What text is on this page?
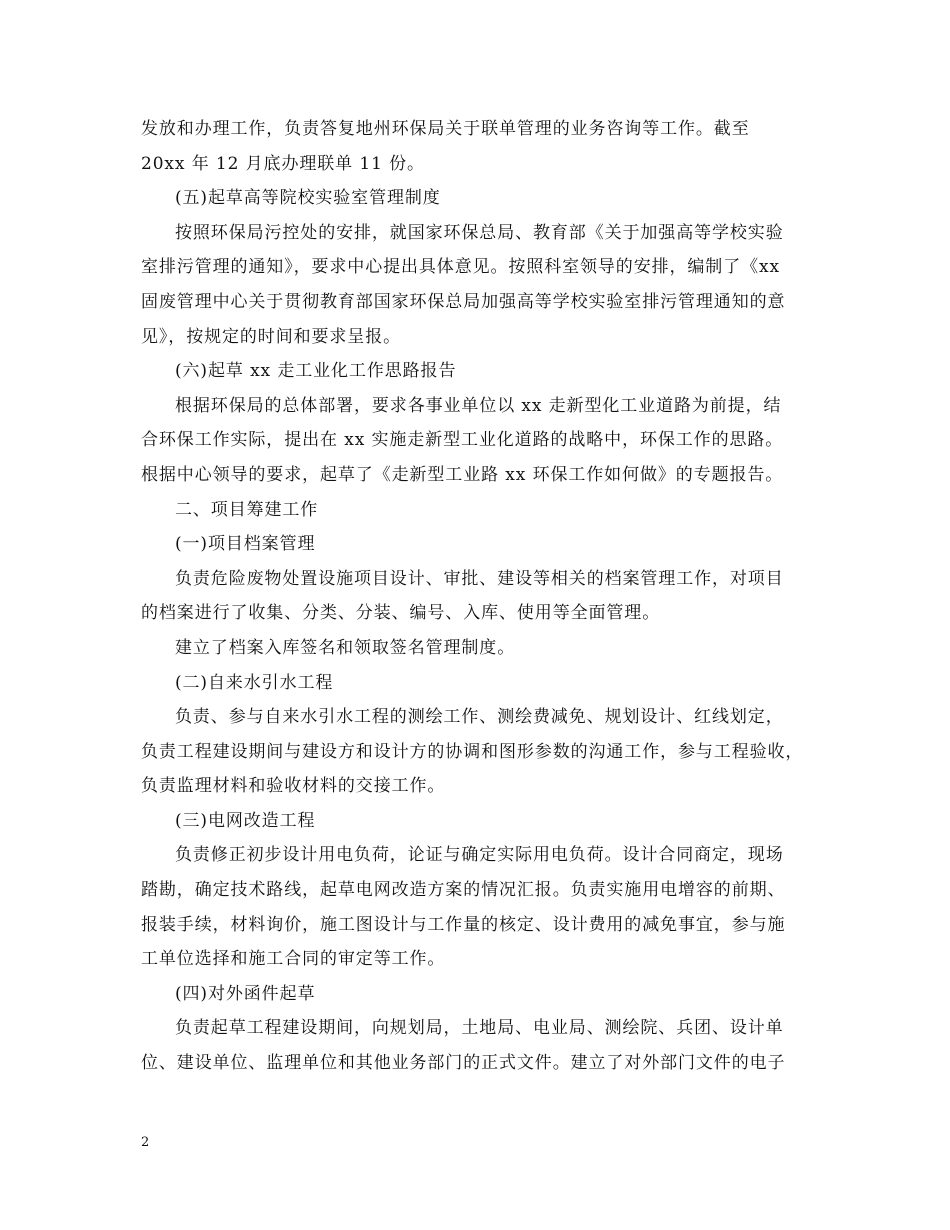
发放和办理工作，负责答复地州环保局关于联单管理的业务咨询等工作。截至
20xx 年 12 月底办理联单 11 份。
(五)起草高等院校实验室管理制度
按照环保局污控处的安排，就国家环保总局、教育部《关于加强高等学校实验
室排污管理的通知》，要求中心提出具体意见。按照科室领导的安排，编制了《xx
固废管理中心关于贯彻教育部国家环保总局加强高等学校实验室排污管理通知的意
见》，按规定的时间和要求呈报。
(六)起草 xx 走工业化工作思路报告
根据环保局的总体部署，要求各事业单位以 xx 走新型化工业道路为前提，结
合环保工作实际，提出在 xx 实施走新型工业化道路的战略中，环保工作的思路。
根据中心领导的要求，起草了《走新型工业路 xx 环保工作如何做》的专题报告。
二、项目筹建工作
(一)项目档案管理
负责危险废物处置设施项目设计、审批、建设等相关的档案管理工作，对项目
的档案进行了收集、分类、分装、编号、入库、使用等全面管理。
建立了档案入库签名和领取签名管理制度。
(二)自来水引水工程
负责、参与自来水引水工程的测绘工作、测绘费减免、规划设计、红线划定，
负责工程建设期间与建设方和设计方的协调和图形参数的沟通工作，参与工程验收，
负责监理材料和验收材料的交接工作。
(三)电网改造工程
负责修正初步设计用电负荷，论证与确定实际用电负荷。设计合同商定，现场
踏勘，确定技术路线，起草电网改造方案的情况汇报。负责实施用电增容的前期、
报装手续，材料询价，施工图设计与工作量的核定、设计费用的减免事宜，参与施
工单位选择和施工合同的审定等工作。
(四)对外函件起草
负责起草工程建设期间，向规划局，土地局、电业局、测绘院、兵团、设计单
位、建设单位、监理单位和其他业务部门的正式文件。建立了对外部门文件的电子
2
